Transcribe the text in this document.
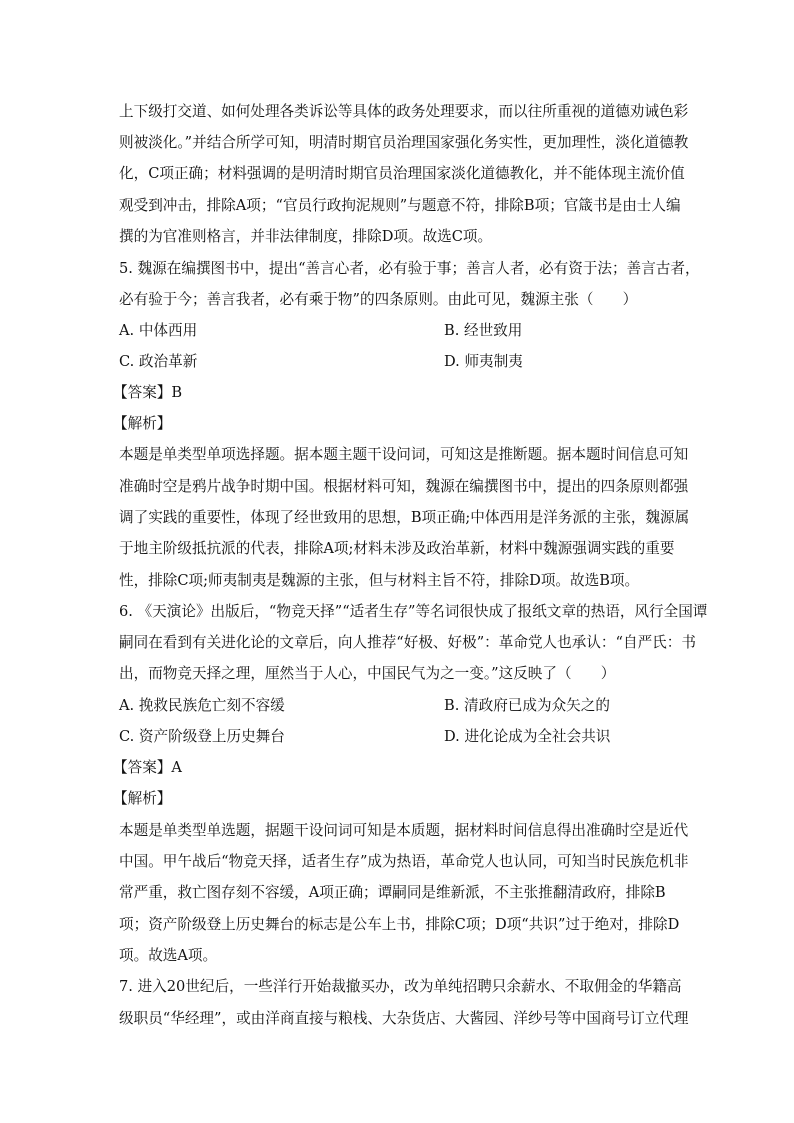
上下级打交道、如何处理各类诉讼等具体的政务处理要求，而以往所重视的道德劝诫色彩
则被淡化。”并结合所学可知，明清时期官员治理国家强化务实性，更加理性，淡化道德教
化，C项正确；材料强调的是明清时期官员治理国家淡化道德教化，并不能体现主流价值
观受到冲击，排除A项；“官员行政拘泥规则”与题意不符，排除B项；官箴书是由士人编
撰的为官准则格言，并非法律制度，排除D项。故选C项。
5. 魏源在编撰图书中，提出“善言心者，必有验于事；善言人者，必有资于法；善言古者，
必有验于今；善言我者，必有乘于物”的四条原则。由此可见，魏源主张（　　）
A. 中体西用	B. 经世致用
C. 政治革新	D. 师夷制夷
【答案】B
【解析】
本题是单类型单项选择题。据本题主题干设问词，可知这是推断题。据本题时间信息可知
准确时空是鸦片战争时期中国。根据材料可知，魏源在编撰图书中，提出的四条原则都强
调了实践的重要性，体现了经世致用的思想，B项正确;中体西用是洋务派的主张，魏源属
于地主阶级抵抗派的代表，排除A项;材料未涉及政治革新，材料中魏源强调实践的重要
性，排除C项;师夷制夷是魏源的主张，但与材料主旨不符，排除D项。故选B项。
6. 《天演论》出版后，“物竞天择”“适者生存”等名词很快成了报纸文章的热语，风行全国谭
嗣同在看到有关进化论的文章后，向人推荐“好极、好极”：革命党人也承认：“自严氏：书
出，而物竞天择之理，厘然当于人心，中国民气为之一变。”这反映了（　　）
A. 挽救民族危亡刻不容缓	B. 清政府已成为众矢之的
C. 资产阶级登上历史舞台	D. 进化论成为全社会共识
【答案】A
【解析】
本题是单类型单选题，据题干设问词可知是本质题，据材料时间信息得出准确时空是近代
中国。甲午战后“物竞天择，适者生存”成为热语，革命党人也认同，可知当时民族危机非
常严重，救亡图存刻不容缓，A项正确；谭嗣同是维新派，不主张推翻清政府，排除B
项；资产阶级登上历史舞台的标志是公车上书，排除C项；D项“共识”过于绝对，排除D
项。故选A项。
7. 进入20世纪后，一些洋行开始裁撤买办，改为单纯招聘只余薪水、不取佣金的华籍高
级职员“华经理”，或由洋商直接与粮栈、大杂货店、大酱园、洋纱号等中国商号订立代理
